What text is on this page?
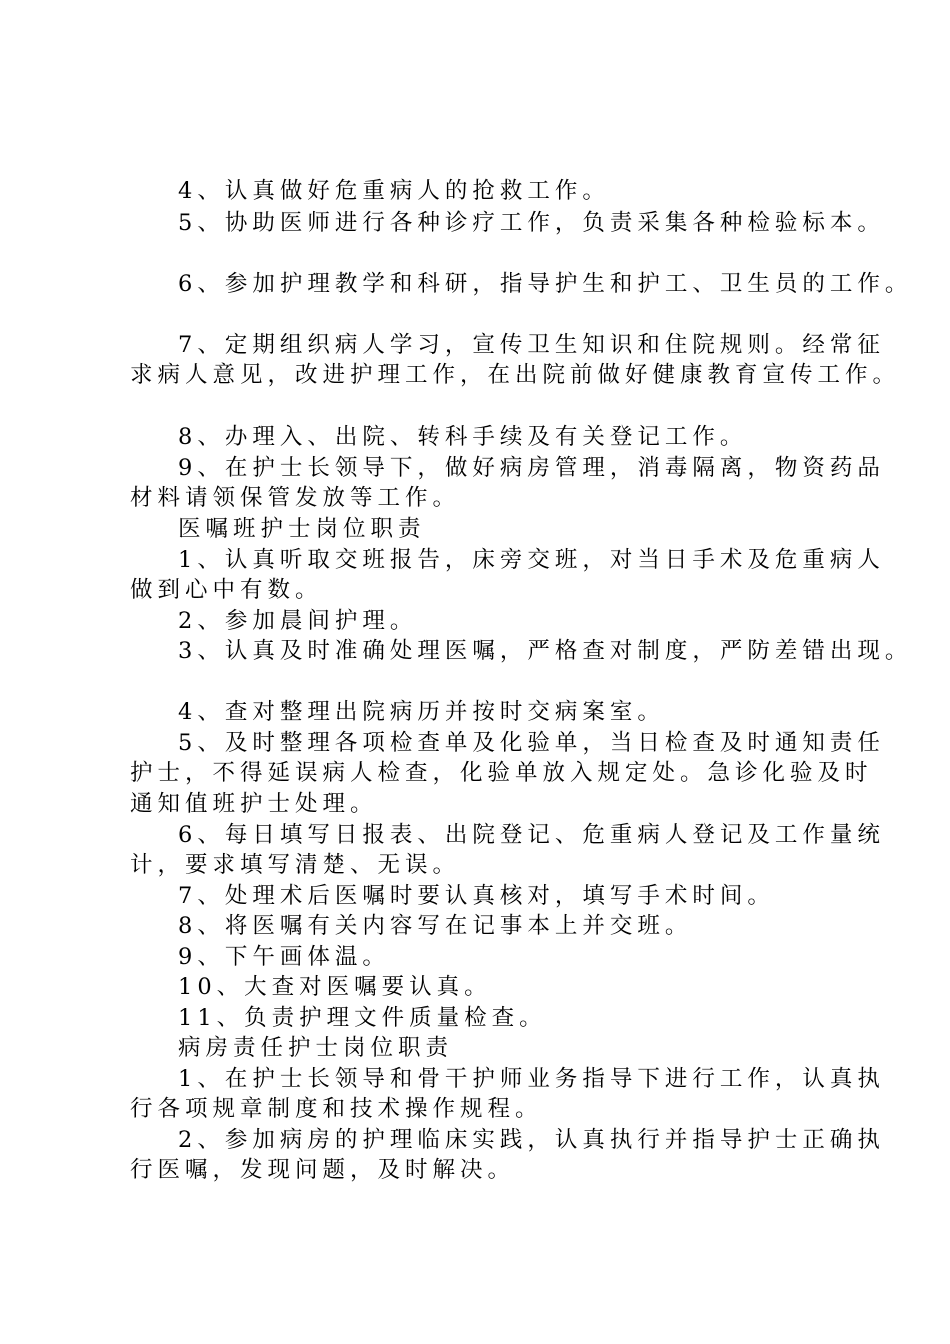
4、认真做好危重病人的抢救工作。

5、协助医师进行各种诊疗工作，负责采集各种检验标本。

6、参加护理教学和科研，指导护生和护工、卫生员的工作。

7、定期组织病人学习，宣传卫生知识和住院规则。经常征

求病人意见，改进护理工作，在出院前做好健康教育宣传工作。

8、办理入、出院、转科手续及有关登记工作。

9、在护士长领导下，做好病房管理，消毒隔离，物资药品

材料请领保管发放等工作。

医嘱班护士岗位职责

1、认真听取交班报告，床旁交班，对当日手术及危重病人

做到心中有数。

2、参加晨间护理。

3、认真及时准确处理医嘱，严格查对制度，严防差错出现。

4、查对整理出院病历并按时交病案室。

5、及时整理各项检查单及化验单，当日检查及时通知责任

护士，不得延误病人检查，化验单放入规定处。急诊化验及时

通知值班护士处理。

6、每日填写日报表、出院登记、危重病人登记及工作量统

计，要求填写清楚、无误。

7、处理术后医嘱时要认真核对，填写手术时间。

8、将医嘱有关内容写在记事本上并交班。

9、下午画体温。

10、大查对医嘱要认真。

11、负责护理文件质量检查。

病房责任护士岗位职责

1、在护士长领导和骨干护师业务指导下进行工作，认真执

行各项规章制度和技术操作规程。

2、参加病房的护理临床实践，认真执行并指导护士正确执

行医嘱，发现问题，及时解决。
